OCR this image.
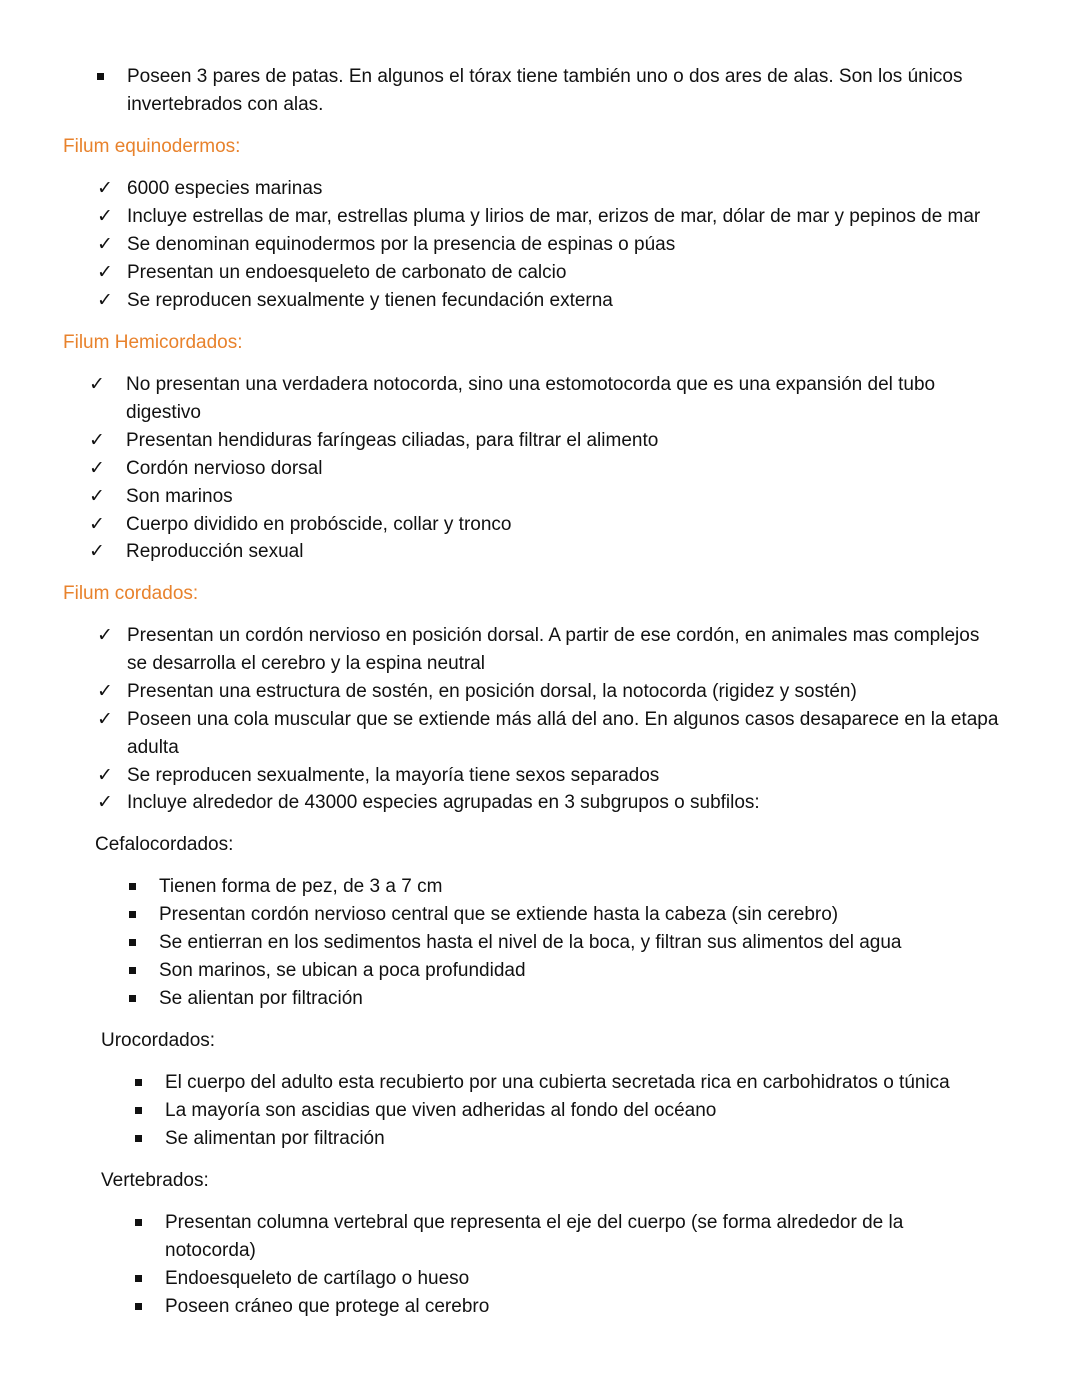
Poseen 3 pares de patas. En algunos el tórax tiene también uno o dos ares de alas. Son los únicos
invertebrados con alas.
Filum equinodermos:
✓ 6000 especies marinas
✓ Incluye estrellas de mar, estrellas pluma y lirios de mar, erizos de mar, dólar de mar y pepinos de mar
✓ Se denominan equinodermos por la presencia de espinas o púas
✓ Presentan un endoesqueleto de carbonato de calcio
✓ Se reproducen sexualmente y tienen fecundación externa
Filum Hemicordados:
✓ No presentan una verdadera notocorda, sino una estomotocorda que es una expansión del tubo
digestivo
✓ Presentan hendiduras faríngeas ciliadas, para filtrar el alimento
✓ Cordón nervioso dorsal
✓ Son marinos
✓ Cuerpo dividido en probóscide, collar y tronco
✓ Reproducción sexual
Filum cordados:
✓ Presentan un cordón nervioso en posición dorsal. A partir de ese cordón, en animales mas complejos
se desarrolla el cerebro y la espina neutral
✓ Presentan una estructura de sostén, en posición dorsal, la notocorda (rigidez y sostén)
✓ Poseen una cola muscular que se extiende más allá del ano. En algunos casos desaparece en la etapa
adulta
✓ Se reproducen sexualmente, la mayoría tiene sexos separados
✓ Incluye alrededor de 43000 especies agrupadas en 3 subgrupos o subfilos:
Cefalocordados:
Tienen forma de pez, de 3 a 7 cm
Presentan cordón nervioso central que se extiende hasta la cabeza (sin cerebro)
Se entierran en los sedimentos hasta el nivel de la boca, y filtran sus alimentos del agua
Son marinos, se ubican a poca profundidad
Se alientan por filtración
Urocordados:
El cuerpo del adulto esta recubierto por una cubierta secretada rica en carbohidratos o túnica
La mayoría son ascidias que viven adheridas al fondo del océano
Se alimentan por filtración
Vertebrados:
Presentan columna vertebral que representa el eje del cuerpo (se forma alrededor de la
notocorda)
Endoesqueleto de cartílago o hueso
Poseen cráneo que protege al cerebro
